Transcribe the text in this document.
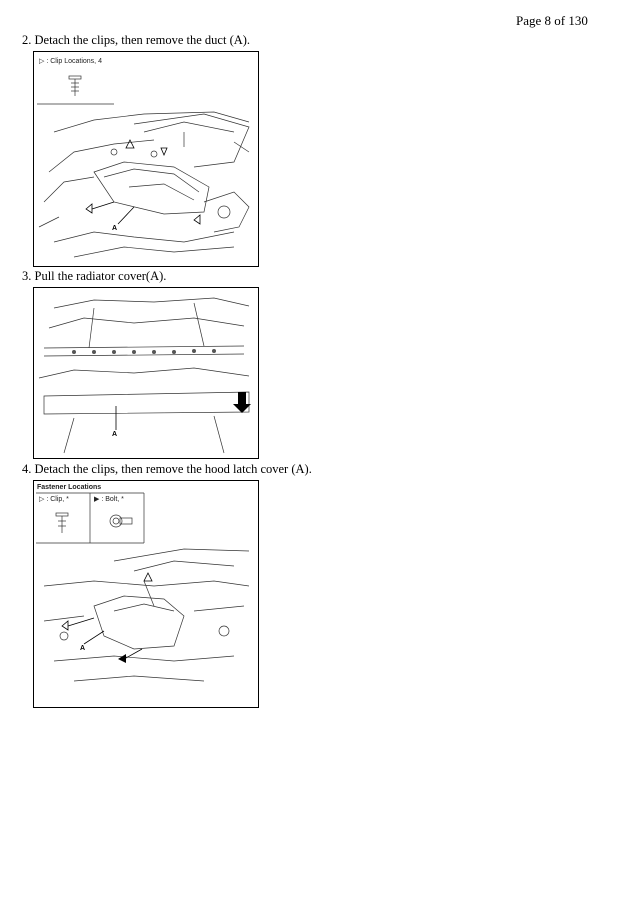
Page 8 of 130
2. Detach the clips, then remove the duct (A).
▷ : Clip Locations, 4
A
3. Pull the radiator cover(A).
A
4. Detach the clips, then remove the hood latch cover (A).
Fastener Locations
▷ : Clip, *	▶ : Bolt, *
A
